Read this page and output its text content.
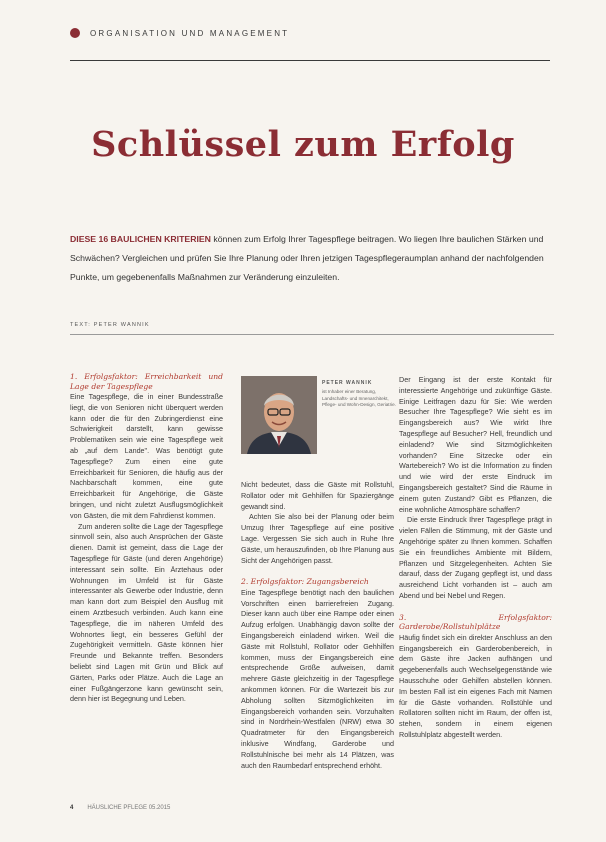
ORGANISATION UND MANAGEMENT
Schlüssel zum Erfolg
DIESE 16 BAULICHEN KRITERIEN können zum Erfolg Ihrer Tagespflege beitragen. Wo liegen Ihre baulichen Stärken und Schwächen? Vergleichen und prüfen Sie Ihre Planung oder Ihren jetzigen Tagespflegeraumplan anhand der nachfolgenden Punkte, um gegebenenfalls Maßnahmen zur Veränderung einzuleiten.
TEXT: PETER WANNIK
1. Erfolgsfaktor: Erreichbarkeit und Lage der Tagespflege

Eine Tagespflege, die in einer Bundesstraße liegt, die von Senioren nicht überquert werden kann oder die für den Zubringerdienst eine Schwierigkeit darstellt, kann gewisse Problematiken sein wie eine Tagespflege weit ab „auf dem Lande". Was benötigt gute Tagespflege? Zum einen eine gute Erreichbarkeit für Senioren, die häufig aus der Nachbarschaft kommen, eine gute Erreichbarkeit für Angehörige, die Gäste bringen, und nicht zuletzt Ausflugsmöglichkeit von Gästen, die mit dem Fahrdienst kommen.

Zum anderen sollte die Lage der Tagespflege sinnvoll sein, also auch Ansprüchen der Gäste dienen. Damit ist gemeint, dass die Lage der Tagespflege für Gäste (und deren Angehörige) interessant sein sollte. Ein Ärztehaus oder Wohnungen im Umfeld ist für Gäste interessanter als Gewerbe oder Industrie, denn man kann dort zum Beispiel den Ausflug mit einem Arztbesuch verbinden. Auch kann eine Tagespflege, die im näheren Umfeld des Wohnortes liegt, ein besseres Gefühl der Zugehörigkeit vermitteln. Gäste können hier Freunde und Bekannte treffen. Besonders beliebt sind Lagen mit Grün und Blick auf Gärten, Parks oder Plätze. Auch die Lage an einer Fußgängerzone kann gewünscht sein, denn hier ist Begegnung und Leben.

PETER WANNIK
ist Inhaber einer Beratung, Landschafts- und Innenarchitekt, Pflege- und Wohn-Design, Geriatrie.

Nicht bedeutet, dass die Gäste mit Rollstuhl, Rollator oder mit Gehhilfen für Spaziergänge gewandt sind.

Achten Sie also bei der Planung oder beim Umzug Ihrer Tagespflege auf eine positive Lage. Vergessen Sie sich auch in Ruhe Ihre Gäste, um herauszufinden, ob Ihre Planung aus Sicht der Angehörigen passt.

2. Erfolgsfaktor: Zugangsbereich

Eine Tagespflege benötigt nach den baulichen Vorschriften einen barrierefreien Zugang. Dieser kann auch über eine Rampe oder einen Aufzug erfolgen. Unabhängig davon sollte der Eingangsbereich einladend wirken. Weil die Gäste mit Rollstuhl, Rollator oder Gehhilfen kommen, muss der Eingangsbereich eine entsprechende Größe aufweisen, damit mehrere Gäste gleichzeitig in der Tagespflege ankommen können. Für die Wartezeit bis zur Abholung sollten Sitzmöglichkeiten im Eingangsbereich vorhanden sein. Vorzuhalten sind in Nordrhein-Westfalen (NRW) etwa 30 Quadratmeter für den Eingangsbereich inklusive Windfang, Garderobe und Rollstuhlnische bei mehr als 14 Plätzen, was auch den Raumbedarf entsprechend erhöht.

Der Eingang ist der erste Kontakt für interessierte Angehörige und zukünftige Gäste. Einige Leitfragen dazu für Sie: Wie werden Besucher Ihre Tagespflege? Wie sieht es im Eingangsbereich aus? Wie wirkt Ihre Tagespflege auf Besucher? Hell, freundlich und einladend? Wie sind Sitzmöglichkeiten vorhanden? Eine Sitzecke oder ein Wartebereich? Wo ist die Information zu finden und wie wird der erste Eindruck im Eingangsbereich gestaltet? Sind die Räume in einem guten Zustand? Gibt es Pflanzen, die eine wohnliche Atmosphäre schaffen?

Die erste Eindruck Ihrer Tagespflege prägt in vielen Fällen die Stimmung, mit der Gäste und Angehörige später zu Ihnen kommen. Schaffen Sie ein freundliches Ambiente mit Bildern, Pflanzen und Sitzgelegenheiten. Achten Sie darauf, dass der Zugang gepflegt ist, und dass ausreichend Licht vorhanden ist – auch am Abend und bei Nebel und Regen.

3. Erfolgsfaktor: Garderobe/Rollstuhlplätze

Häufig findet sich ein direkter Anschluss an den Eingangsbereich ein Garderobenbereich, in dem Gäste ihre Jacken aufhängen und gegebenenfalls auch Wechselgegenstände wie Hausschuhe oder Gehilfen abstellen können. Im besten Fall ist ein eigenes Fach mit Namen für die Gäste vorhanden. Rollstühle und Rollatoren sollten nicht im Raum, der offen ist, stehen, sondern in einem eigenen Rollstuhlplatz abgestellt werden.

4 HÄUSLICHE PFLEGE 05.2015
